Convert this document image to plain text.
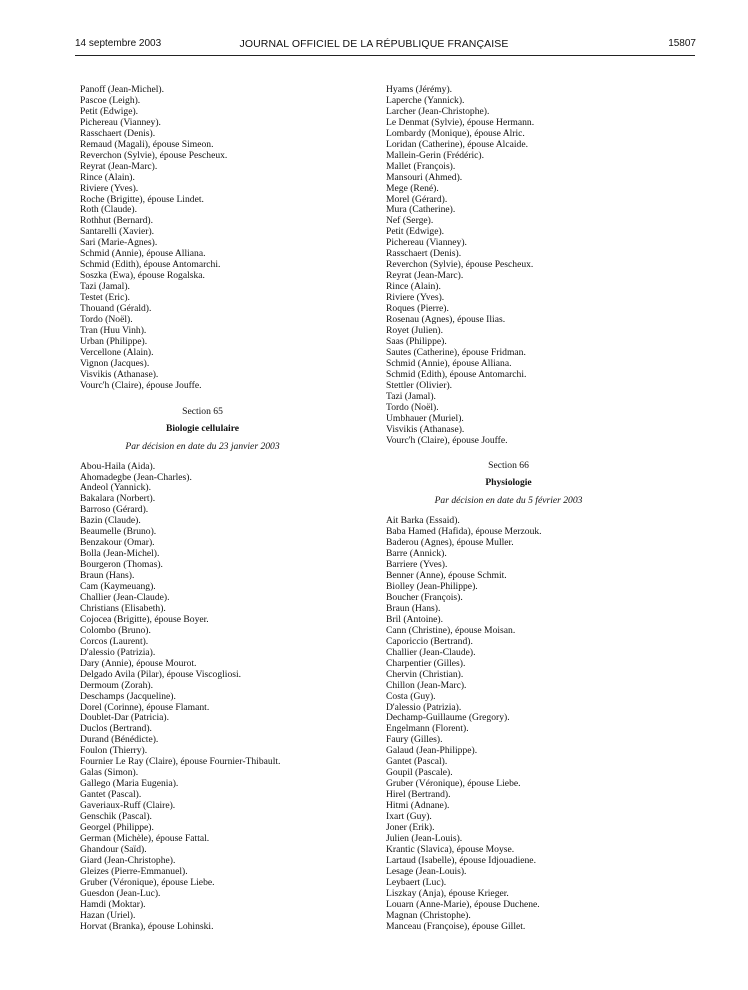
14 septembre 2003	JOURNAL OFFICIEL DE LA RÉPUBLIQUE FRANÇAISE	15807
Panoff (Jean-Michel).
Pascoe (Leigh).
Petit (Edwige).
Pichereau (Vianney).
Rasschaert (Denis).
Remaud (Magali), épouse Simeon.
Reverchon (Sylvie), épouse Pescheux.
Reyrat (Jean-Marc).
Rince (Alain).
Riviere (Yves).
Roche (Brigitte), épouse Lindet.
Roth (Claude).
Rothhut (Bernard).
Santarelli (Xavier).
Sari (Marie-Agnes).
Schmid (Annie), épouse Alliana.
Schmid (Edith), épouse Antomarchi.
Soszka (Ewa), épouse Rogalska.
Tazi (Jamal).
Testet (Eric).
Thouand (Gérald).
Tordo (Noël).
Tran (Huu Vinh).
Urban (Philippe).
Vercellone (Alain).
Vignon (Jacques).
Visvikis (Athanase).
Vourc'h (Claire), épouse Jouffe.
Section 65
Biologie cellulaire
Par décision en date du 23 janvier 2003
Abou-Haila (Aida).
Ahomadegbe (Jean-Charles).
Andeol (Yannick).
Bakalara (Norbert).
Barroso (Gérard).
Bazin (Claude).
Beaumelle (Bruno).
Benzakour (Omar).
Bolla (Jean-Michel).
Bourgeron (Thomas).
Braun (Hans).
Cam (Kaymeuang).
Challier (Jean-Claude).
Christians (Elisabeth).
Cojocea (Brigitte), épouse Boyer.
Colombo (Bruno).
Corcos (Laurent).
D'alessio (Patrizia).
Dary (Annie), épouse Mourot.
Delgado Avila (Pilar), épouse Viscogliosi.
Dermoum (Zorah).
Deschamps (Jacqueline).
Dorel (Corinne), épouse Flamant.
Doublet-Dar (Patricia).
Duclos (Bertrand).
Durand (Bénédicte).
Foulon (Thierry).
Fournier Le Ray (Claire), épouse Fournier-Thibault.
Galas (Simon).
Gallego (Maria Eugenia).
Gantet (Pascal).
Gaveriaux-Ruff (Claire).
Genschik (Pascal).
Georgel (Philippe).
German (Michèle), épouse Fattal.
Ghandour (Saïd).
Giard (Jean-Christophe).
Gleizes (Pierre-Emmanuel).
Gruber (Véronique), épouse Liebe.
Guesdon (Jean-Luc).
Hamdi (Moktar).
Hazan (Uriel).
Horvat (Branka), épouse Lohinski.
Hyams (Jérémy).
Laperche (Yannick).
Larcher (Jean-Christophe).
Le Denmat (Sylvie), épouse Hermann.
Lombardy (Monique), épouse Alric.
Loridan (Catherine), épouse Alcaide.
Mallein-Gerin (Frédéric).
Mallet (François).
Mansouri (Ahmed).
Mege (René).
Morel (Gérard).
Mura (Catherine).
Nef (Serge).
Petit (Edwige).
Pichereau (Vianney).
Rasschaert (Denis).
Reverchon (Sylvie), épouse Pescheux.
Reyrat (Jean-Marc).
Rince (Alain).
Riviere (Yves).
Roques (Pierre).
Rosenau (Agnes), épouse Ilias.
Royet (Julien).
Saas (Philippe).
Sautes (Catherine), épouse Fridman.
Schmid (Annie), épouse Alliana.
Schmid (Edith), épouse Antomarchi.
Stettler (Olivier).
Tazi (Jamal).
Tordo (Noël).
Umbhauer (Muriel).
Visvikis (Athanase).
Vourc'h (Claire), épouse Jouffe.
Section 66
Physiologie
Par décision en date du 5 février 2003
Ait Barka (Essaid).
Baba Hamed (Hafida), épouse Merzouk.
Baderou (Agnes), épouse Muller.
Barre (Annick).
Barriere (Yves).
Benner (Anne), épouse Schmit.
Biolley (Jean-Philippe).
Boucher (François).
Braun (Hans).
Bril (Antoine).
Cann (Christine), épouse Moisan.
Caporiccio (Bertrand).
Challier (Jean-Claude).
Charpentier (Gilles).
Chervin (Christian).
Chillon (Jean-Marc).
Costa (Guy).
D'alessio (Patrizia).
Dechamp-Guillaume (Gregory).
Engelmann (Florent).
Faury (Gilles).
Galaud (Jean-Philippe).
Gantet (Pascal).
Goupil (Pascale).
Gruber (Véronique), épouse Liebe.
Hirel (Bertrand).
Hitmi (Adnane).
Ixart (Guy).
Joner (Erik).
Julien (Jean-Louis).
Krantic (Slavica), épouse Moyse.
Lartaud (Isabelle), épouse Idjouadiene.
Lesage (Jean-Louis).
Leybaert (Luc).
Liszkay (Anja), épouse Krieger.
Louarn (Anne-Marie), épouse Duchene.
Magnan (Christophe).
Manceau (Françoise), épouse Gillet.
